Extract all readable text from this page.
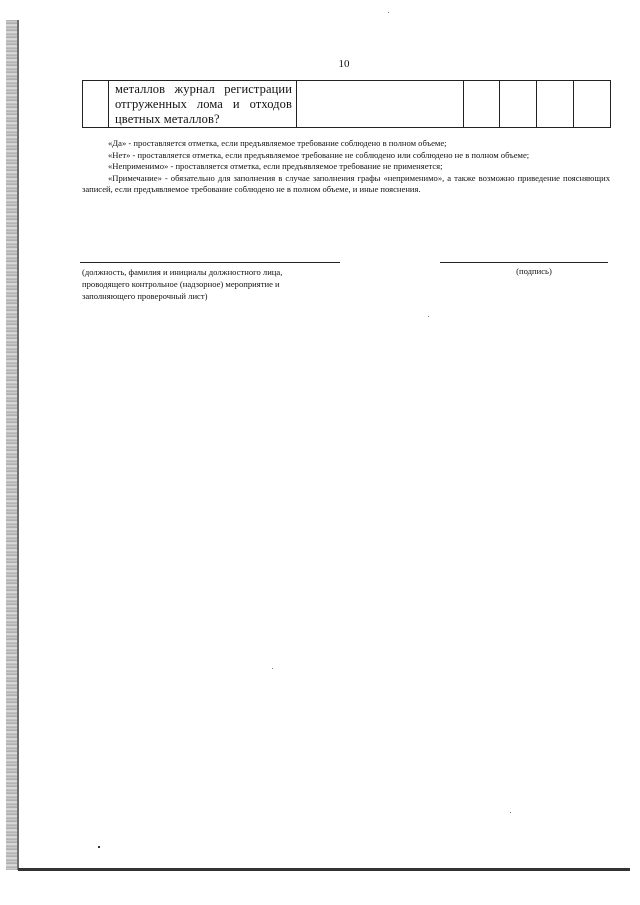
10

металлов журнал регистрации
отгруженных лома и отходов
цветных металлов?

«Да» - проставляется отметка, если предъявляемое требование соблюдено в полном объеме;

«Нет» - проставляется отметка, если предъявляемое требование не соблюдено или соблюдено не в полном объеме;

«Неприменимо» - проставляется отметка, если предъявляемое требование не применяется;

«Примечание» - обязательно для заполнения в случае заполнения графы «неприменимо», а также возможно приведение поясняющих записей, если предъявляемое требование соблюдено не в полном объеме, и иные пояснения.

(должность, фамилия и инициалы должностного лица,
проводящего контрольное (надзорное) мероприятие и
заполняющего проверочный лист)
(подпись)
